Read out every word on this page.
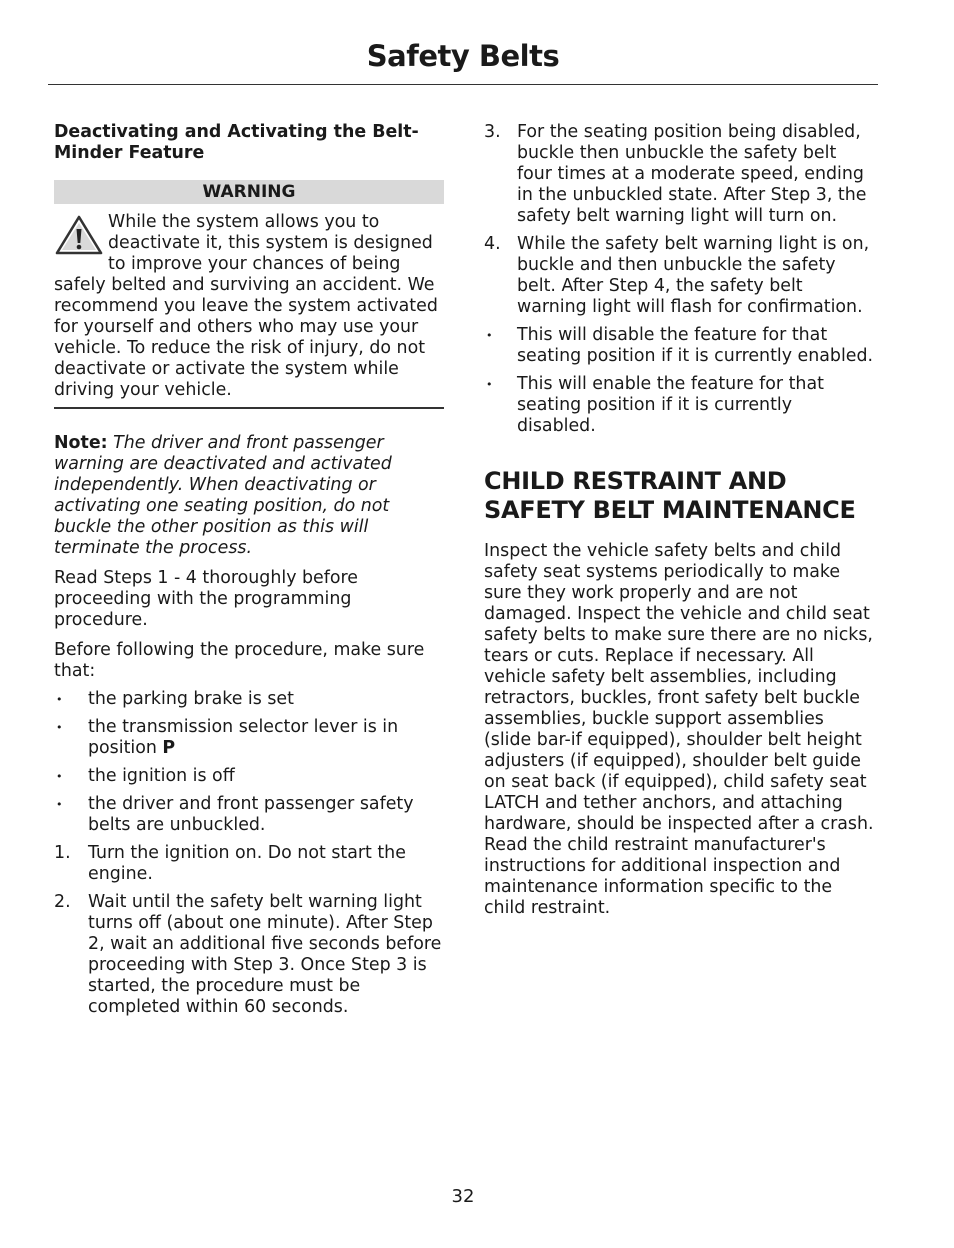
Safety Belts

Deactivating and Activating the Belt-Minder Feature

WARNING

While the system allows you to deactivate it, this system is designed to improve your chances of being safely belted and surviving an accident. We recommend you leave the system activated for yourself and others who may use your vehicle. To reduce the risk of injury, do not deactivate or activate the system while driving your vehicle.

Note: The driver and front passenger warning are deactivated and activated independently. When deactivating or activating one seating position, do not buckle the other position as this will terminate the process.

Read Steps 1 - 4 thoroughly before proceeding with the programming procedure.

Before following the procedure, make sure that:

• the parking brake is set
• the transmission selector lever is in position P
• the ignition is off
• the driver and front passenger safety belts are unbuckled.
1. Turn the ignition on. Do not start the engine.
2. Wait until the safety belt warning light turns off (about one minute). After Step 2, wait an additional five seconds before proceeding with Step 3. Once Step 3 is started, the procedure must be completed within 60 seconds.
3. For the seating position being disabled, buckle then unbuckle the safety belt four times at a moderate speed, ending in the unbuckled state. After Step 3, the safety belt warning light will turn on.
4. While the safety belt warning light is on, buckle and then unbuckle the safety belt. After Step 4, the safety belt warning light will flash for confirmation.
• This will disable the feature for that seating position if it is currently enabled.
• This will enable the feature for that seating position if it is currently disabled.
CHILD RESTRAINT AND SAFETY BELT MAINTENANCE

Inspect the vehicle safety belts and child safety seat systems periodically to make sure they work properly and are not damaged. Inspect the vehicle and child seat safety belts to make sure there are no nicks, tears or cuts. Replace if necessary. All vehicle safety belt assemblies, including retractors, buckles, front safety belt buckle assemblies, buckle support assemblies (slide bar-if equipped), shoulder belt height adjusters (if equipped), shoulder belt guide on seat back (if equipped), child safety seat LATCH and tether anchors, and attaching hardware, should be inspected after a crash. Read the child restraint manufacturer's instructions for additional inspection and maintenance information specific to the child restraint.

32
